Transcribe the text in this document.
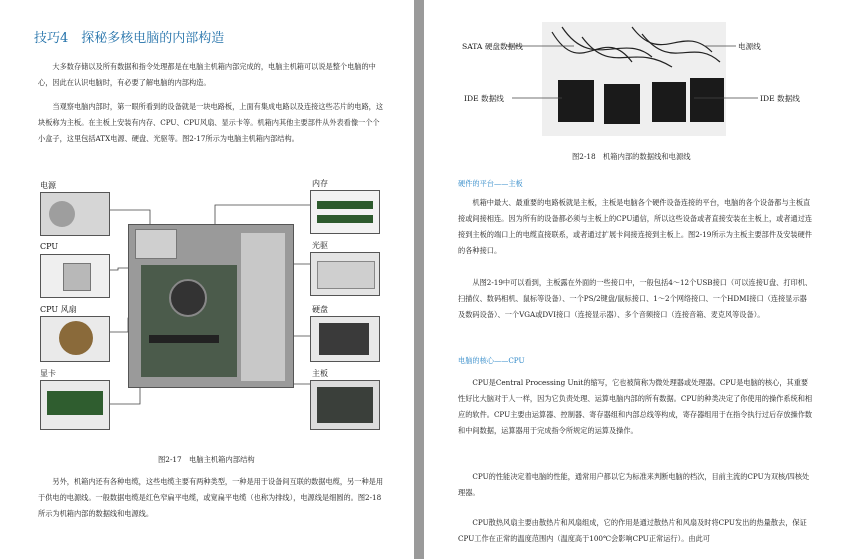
技巧4　探秘多核电脑的内部构造

大多数存储以及所有数据和指令处理都是在电脑主机箱内部完成的，电脑主机箱可以说是整个电脑的中心，因此在认识电脑时，有必要了解电脑的内部构造。

当观察电脑内部时，第一眼所看到的设备就是一块电路板，上面有集成电路以及连接这些芯片的电路，这块板称为主板。在主板上安装有内存、CPU、CPU风扇、显示卡等。机箱内其他主要部件从外表看像一个个小盒子，这里包括ATX电源、硬盘、光驱等。图2-17所示为电脑主机箱内部结构。

电源
CPU
CPU 风扇
显卡
内存
光驱
硬盘
主板
图2-17　电脑主机箱内部结构

另外，机箱内还有各种电缆，这些电缆主要有两种类型，一种是用于设备间互联的数据电缆，另一种是用于供电的电源线。一般数据电缆是红色窄扁平电缆，或宽扁平电缆（也称为排线），电源线是细圆的。图2-18所示为机箱内部的数据线和电源线。

SATA 硬盘数据线	电源线
IDE 数据线	IDE 数据线
图2-18　机箱内部的数据线和电源线
硬件的平台——主板

机箱中最大、最重要的电路板就是主板，主板是电脑各个硬件设备连接的平台，电脑的各个设备都与主板直接或间接相连。因为所有的设备都必须与主板上的CPU通信，所以这些设备或者直接安装在主板上，或者通过连接到主板的端口上的电缆直接联系，或者通过扩展卡间接连接到主板上。图2-19所示为主板主要部件及安装硬件的各种接口。

从图2-19中可以看到，主板露在外面的一些接口中，一般包括4～12个USB接口（可以连接U盘、打印机、扫描仪、数码相机、鼠标等设备）、一个PS/2键盘/鼠标接口、1～2个网络接口、一个HDMI接口（连接显示器及数码设备）、一个VGA或DVI接口（连接显示器）、多个音频接口（连接音箱、麦克风等设备）。

电脑的核心——CPU

CPU是Central Processing Unit的缩写，它也被简称为微处理器或处理器。CPU是电脑的核心，其重要性好比大脑对于人一样，因为它负责处理、运算电脑内部的所有数据。CPU的种类决定了你使用的操作系统和相应的软件。CPU主要由运算器、控制器、寄存器组和内部总线等构成，寄存器组用于在指令执行过后存放操作数和中间数据，运算器用于完成指令所规定的运算及操作。

CPU的性能决定着电脑的性能，通常用户都以它为标准来判断电脑的档次，目前主流的CPU为双核/四核处理器。

CPU散热风扇主要由散热片和风扇组成，它的作用是通过散热片和风扇及时将CPU发出的热量散去，保证CPU工作在正常的温度范围内（温度高于100℃会影响CPU正常运行）。由此可
